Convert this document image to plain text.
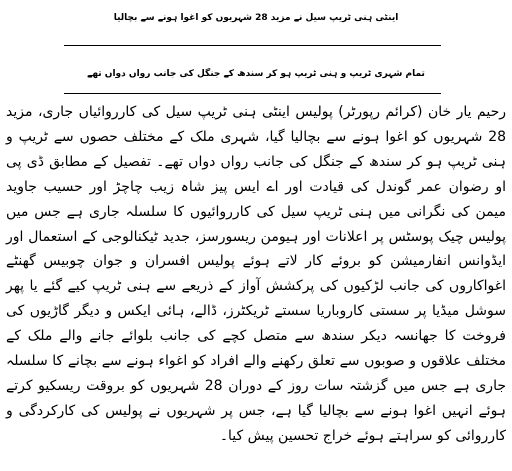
اینٹی ہنی ٹریپ سیل نے مزید 28 شہریوں کو اغوا ہونے سے بچالیا
تمام شہری ٹریپ و ہنی ٹریپ ہو کر سندھ کے جنگل کی جانب رواں دواں تھے
رحیم یار خان (کرائم رپورٹر) پولیس اینٹی ہنی ٹریپ سیل کی کارروائیاں جاری، مزید 28 شہریوں کو اغوا ہونے سے بچالیا گیا، شہری ملک کے مختلف حصوں سے ٹریپ و ہنی ٹریپ ہو کر سندھ کے جنگل کی جانب رواں دواں تھے۔ تفصیل کے مطابق ڈی پی او رضوان عمر گوندل کی قیادت اور اے ایس پیز شاہ زیب چاچڑ اور حسیب جاوید میمن کی نگرانی میں ہنی ٹریپ سیل کی کارروائیوں کا سلسلہ جاری ہے جس میں پولیس چیک پوسٹس پر اعلانات اور ہیومن ریسورسز، جدید ٹیکنالوجی کے استعمال اور ایڈوانس انفارمیشن کو بروئے کار لاتے ہوئے پولیس افسران و جوان چوبیس گھنٹے اغواکاروں کی جانب لڑکیوں کی پرکشش آواز کے ذریعے سے ہنی ٹریپ کیے گئے یا پھر سوشل میڈیا پر سستی کاروباریا سستے ٹریکٹرز، ڈالے، ہائی ایکس و دیگر گاڑیوں کی فروخت کا جھانسہ دیکر سندھ سے متصل کچے کی جانب بلوائے جانے والے ملک کے مختلف علاقوں و صوبوں سے تعلق رکھنے والے افراد کو اغواء ہونے سے بچانے کا سلسلہ جاری ہے جس میں گزشتہ سات روز کے دوران 28 شہریوں کو بروقت ریسکیو کرتے ہوئے انہیں اغوا ہونے سے بچالیا گیا ہے، جس پر شہریوں نے پولیس کی کارکردگی و کارروائی کو سراہتے ہوئے خراج تحسین پیش کیا۔
